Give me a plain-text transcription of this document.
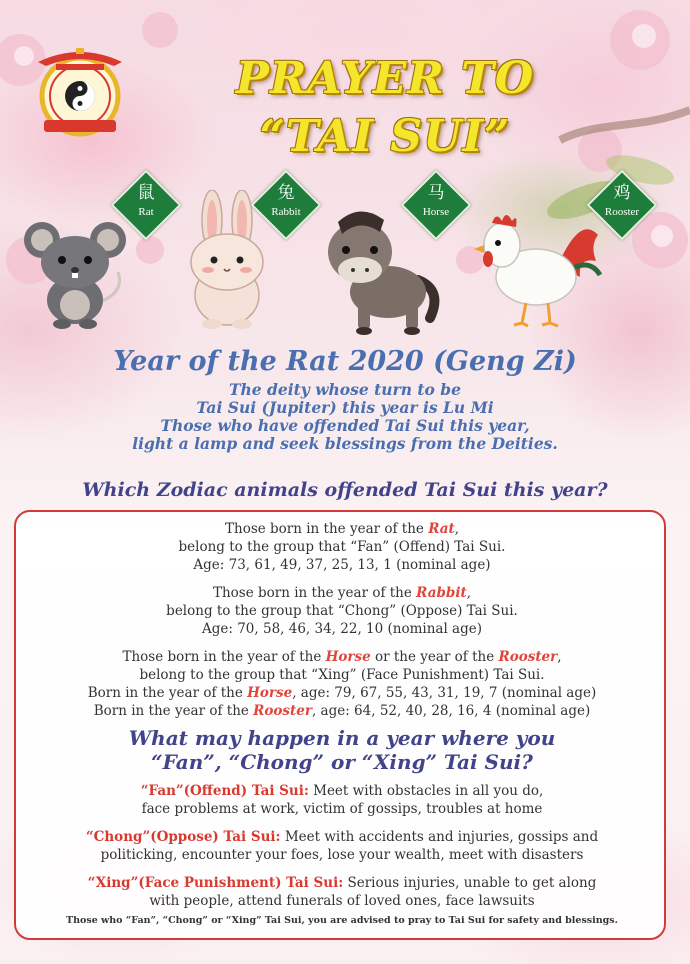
PRAYER TO
“TAI SUI”
鼠
Rat
兔
Rabbit
马
Horse
鸡
Rooster
Year of the Rat 2020 (Geng Zi)
The deity whose turn to be
Tai Sui (Jupiter) this year is Lu Mi
Those who have offended Tai Sui this year,
light a lamp and seek blessings from the Deities.
Which Zodiac animals offended Tai Sui this year?
Those born in the year of the Rat,
belong to the group that “Fan” (Offend) Tai Sui.
Age: 73, 61, 49, 37, 25, 13, 1 (nominal age)
Those born in the year of the Rabbit,
belong to the group that “Chong” (Oppose) Tai Sui.
Age: 70, 58, 46, 34, 22, 10 (nominal age)
Those born in the year of the Horse or the year of the Rooster,
belong to the group that “Xing” (Face Punishment) Tai Sui.
Born in the year of the Horse, age: 79, 67, 55, 43, 31, 19, 7 (nominal age)
Born in the year of the Rooster, age: 64, 52, 40, 28, 16, 4 (nominal age)
What may happen in a year where you
“Fan”, “Chong” or “Xing” Tai Sui?
“Fan”(Offend) Tai Sui: Meet with obstacles in all you do,
face problems at work, victim of gossips, troubles at home
“Chong”(Oppose) Tai Sui: Meet with accidents and injuries, gossips and
politicking, encounter your foes, lose your wealth, meet with disasters
“Xing”(Face Punishment) Tai Sui: Serious injuries, unable to get along
with people, attend funerals of loved ones, face lawsuits
Those who “Fan”, “Chong” or “Xing” Tai Sui, you are advised to pray to Tai Sui for safety and blessings.
